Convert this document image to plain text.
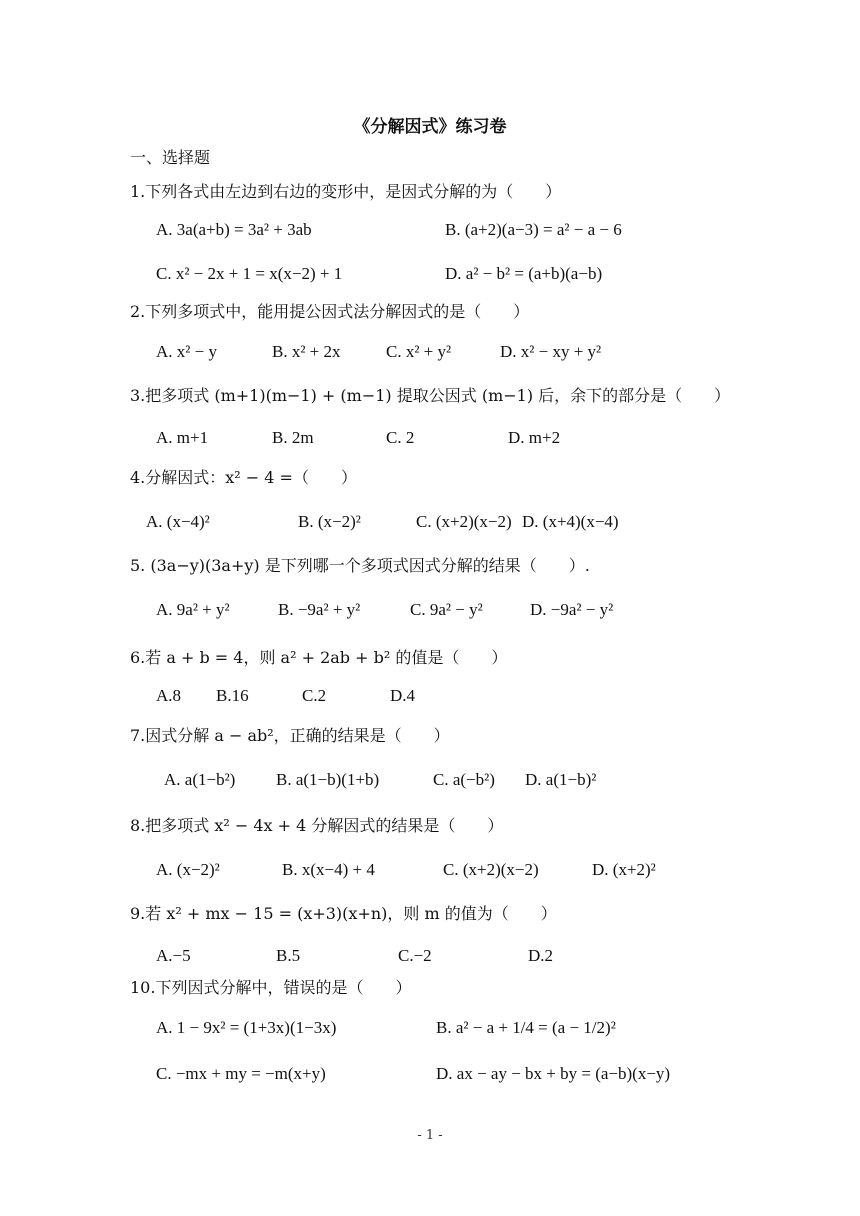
《分解因式》练习卷
一、选择题
1.下列各式由左边到右边的变形中，是因式分解的为（　　）
A. 3a(a+b) = 3a² + 3ab	B. (a+2)(a−3) = a² − a − 6
C. x² − 2x + 1 = x(x−2) + 1	D. a² − b² = (a+b)(a−b)
2.下列多项式中，能用提公因式法分解因式的是（　　）
A. x² − y	B. x² + 2x	C. x² + y²	D. x² − xy + y²
3.把多项式 (m+1)(m−1) + (m−1) 提取公因式 (m−1) 后，余下的部分是（　　）
A. m+1	B. 2m	C. 2	D. m+2
4.分解因式：x² − 4 =（　　）
A. (x−4)²	B. (x−2)²	C. (x+2)(x−2) D. (x+4)(x−4)
5. (3a−y)(3a+y) 是下列哪一个多项式因式分解的结果（　　）.
A. 9a² + y²	B. −9a² + y²	C. 9a² − y²	D. −9a² − y²
6.若 a + b = 4，则 a² + 2ab + b² 的值是（　　）
A.8 B.16	C.2	D.4
7.因式分解 a − ab²，正确的结果是（　　）
A. a(1−b²) B. a(1−b)(1+b)	C. a(−b²) D. a(1−b)²
8.把多项式 x² − 4x + 4 分解因式的结果是（　　）
A. (x−2)²	B. x(x−4) + 4	C. (x+2)(x−2)	D. (x+2)²
9.若 x² + mx − 15 = (x+3)(x+n)，则 m 的值为（　　）
A.−5	B.5	C.−2	D.2
10.下列因式分解中，错误的是（　　）
A. 1 − 9x² = (1+3x)(1−3x)	B. a² − a + 1/4 = (a − 1/2)²
C. −mx + my = −m(x+y)	D. ax − ay − bx + by = (a−b)(x−y)
- 1 -
